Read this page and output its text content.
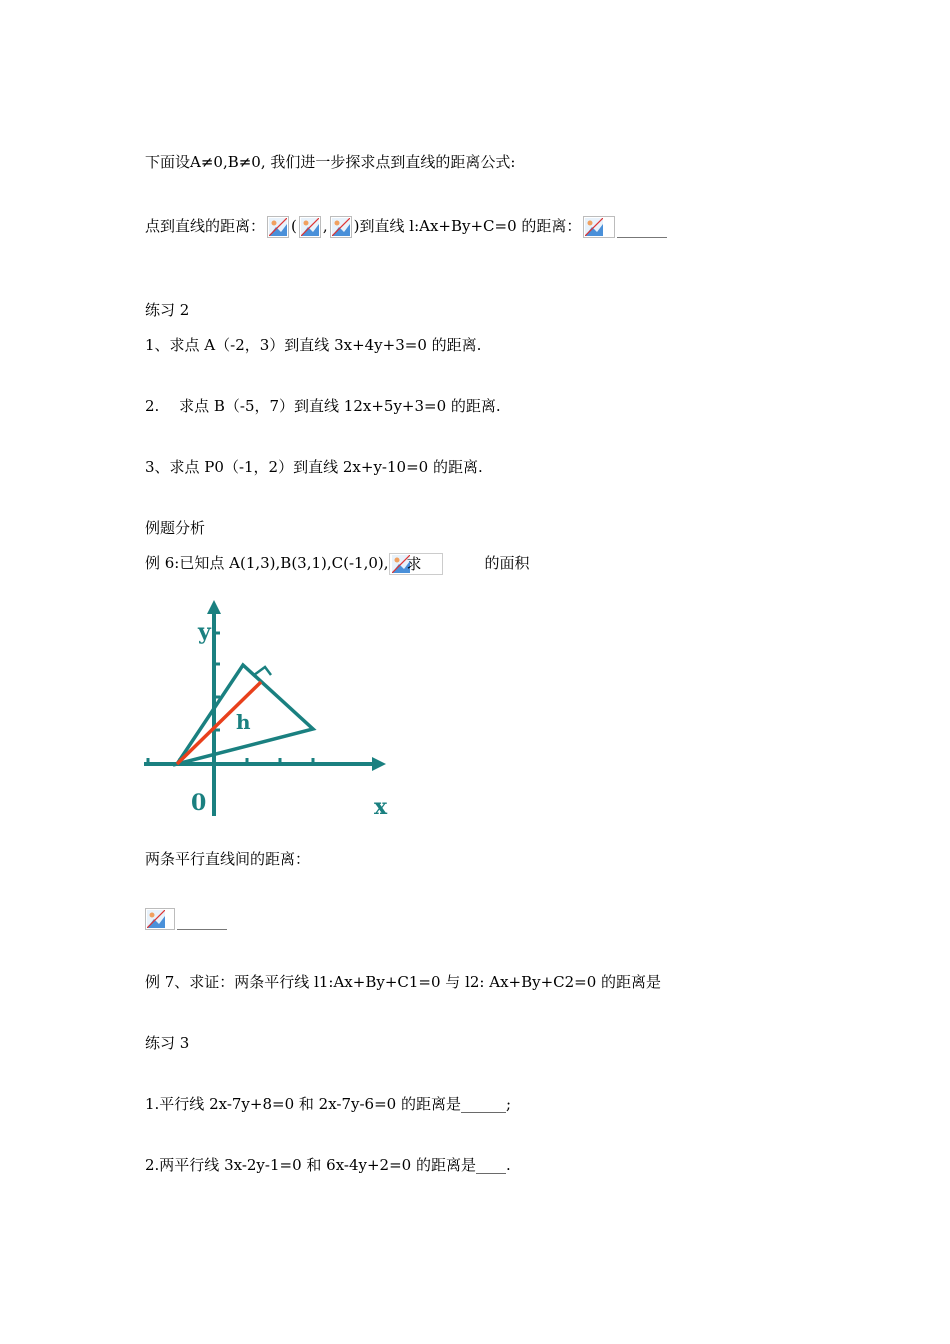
下面设A≠0,B≠0, 我们进一步探求点到直线的距离公式:
点到直线的距离： ( , )到直线 l:Ax+By+C=0 的距离：
练习 2
1、求点 A（-2，3）到直线 3x+4y+3=0 的距离.
2.　 求点 B（-5，7）到直线 12x+5y+3=0 的距离.
3、求点 P0（-1，2）到直线 2x+y-10=0 的距离.
例题分析
例 6:已知点 A(1,3),B(3,1),C(-1,0), 求	的面积
y
x
0
h
两条平行直线间的距离：
例 7、求证：两条平行线 l1:Ax+By+C1=0 与 l2: Ax+By+C2=0 的距离是
练习 3
1.平行线 2x-7y+8=0 和 2x-7y-6=0 的距离是______;
2.两平行线 3x-2y-1=0 和 6x-4y+2=0 的距离是____.
